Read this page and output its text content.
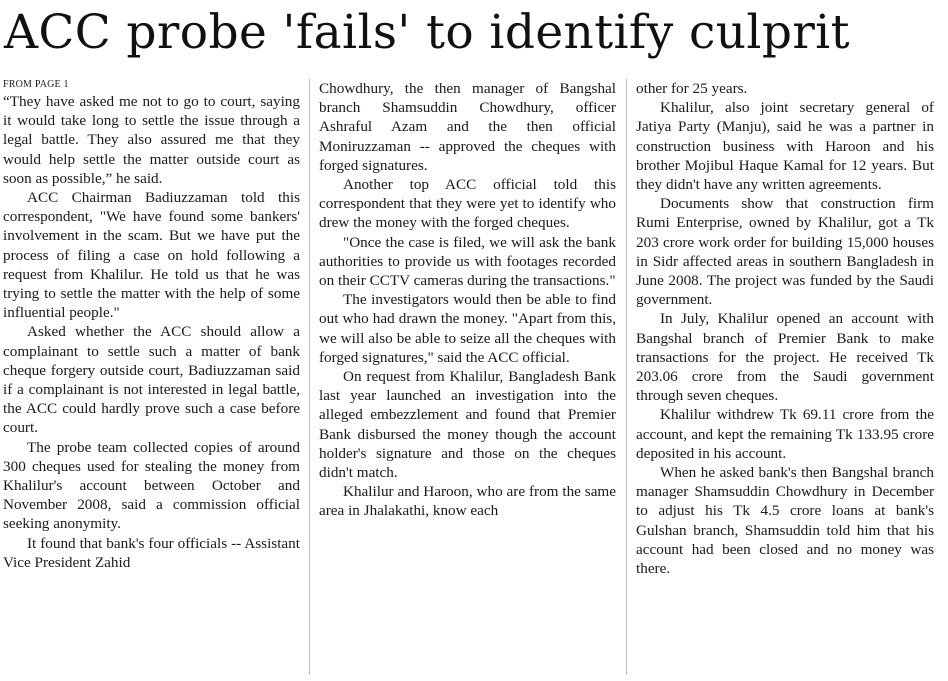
ACC probe 'fails' to identify culprit
FROM PAGE 1

“They have asked me not to go to court, saying it would take long to settle the issue through a legal battle. They also assured me that they would help settle the matter outside court as soon as possible,” he said.

ACC Chairman Badiuzzaman told this correspondent, "We have found some bankers' involvement in the scam. But we have put the process of filing a case on hold following a request from Khalilur. He told us that he was trying to settle the matter with the help of some influential people."

Asked whether the ACC should allow a complainant to settle such a matter of bank cheque forgery outside court, Badiuzzaman said if a complainant is not interested in legal battle, the ACC could hardly prove such a case before court.

The probe team collected copies of around 300 cheques used for stealing the money from Khalilur's account between October and November 2008, said a commission official seeking anonymity.

It found that bank's four officials -- Assistant Vice President Zahid

Chowdhury, the then manager of Bangshal branch Shamsuddin Chowdhury, officer Ashraful Azam and the then official Moniruzzaman -- approved the cheques with forged signatures.

Another top ACC official told this correspondent that they were yet to identify who drew the money with the forged cheques.

"Once the case is filed, we will ask the bank authorities to provide us with footages recorded on their CCTV cameras during the transactions."

The investigators would then be able to find out who had drawn the money. "Apart from this, we will also be able to seize all the cheques with forged signatures," said the ACC official.

On request from Khalilur, Bangladesh Bank last year launched an investigation into the alleged embezzlement and found that Premier Bank disbursed the money though the account holder's signature and those on the cheques didn't match.

Khalilur and Haroon, who are from the same area in Jhalakathi, know each

other for 25 years.

Khalilur, also joint secretary general of Jatiya Party (Manju), said he was a partner in construction business with Haroon and his brother Mojibul Haque Kamal for 12 years. But they didn't have any written agreements.

Documents show that construction firm Rumi Enterprise, owned by Khalilur, got a Tk 203 crore work order for building 15,000 houses in Sidr affected areas in southern Bangladesh in June 2008. The project was funded by the Saudi government.

In July, Khalilur opened an account with Bangshal branch of Premier Bank to make transactions for the project. He received Tk 203.06 crore from the Saudi government through seven cheques.

Khalilur withdrew Tk 69.11 crore from the account, and kept the remaining Tk 133.95 crore deposited in his account.

When he asked bank's then Bangshal branch manager Shamsuddin Chowdhury in December to adjust his Tk 4.5 crore loans at bank's Gulshan branch, Shamsuddin told him that his account had been closed and no money was there.
